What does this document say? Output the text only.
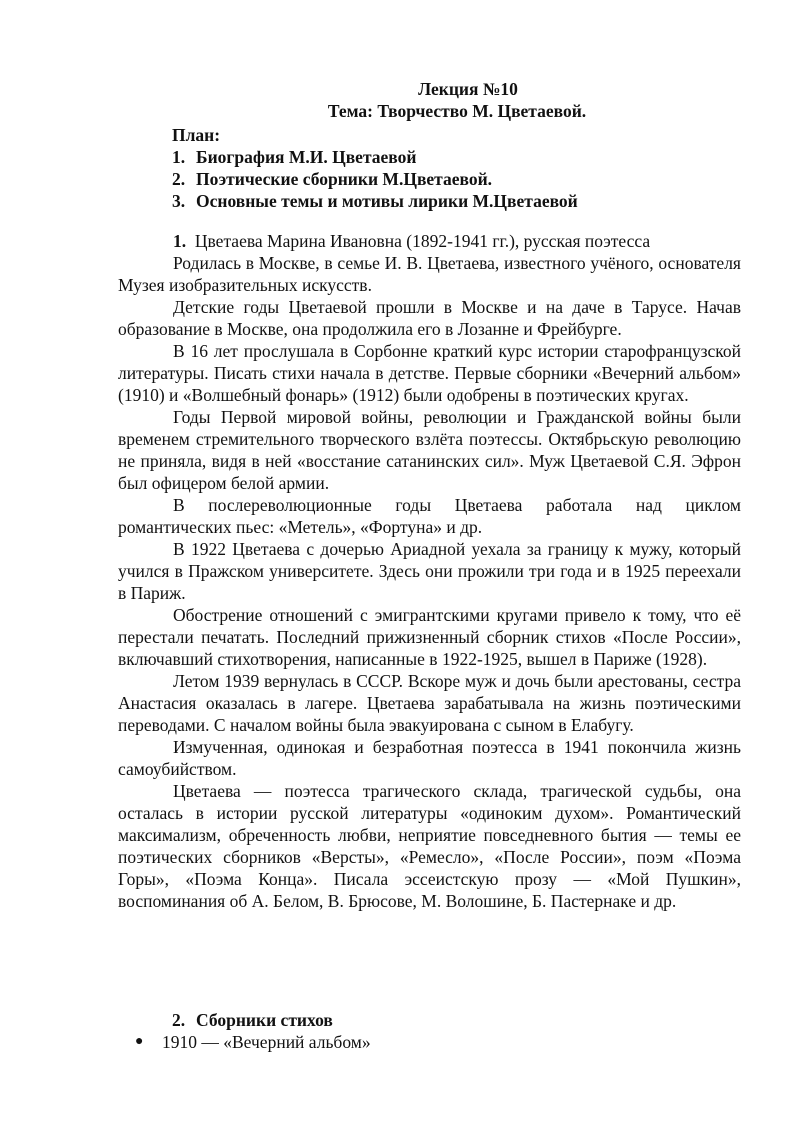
Лекция №10
Тема: Творчество М. Цветаевой.
План:
1. Биография М.И. Цветаевой
2. Поэтические сборники М.Цветаевой.
3. Основные темы и мотивы лирики М.Цветаевой

1. Цветаева Марина Ивановна (1892-1941 гг.), русская поэтесса

Родилась в Москве, в семье И. В. Цветаева, известного учёного, основателя Музея изобразительных искусств.

Детские годы Цветаевой прошли в Москве и на даче в Тарусе. Начав образование в Москве, она продолжила его в Лозанне и Фрейбурге.

В 16 лет прослушала в Сорбонне краткий курс истории старофранцузской литературы. Писать стихи начала в детстве. Первые сборники «Вечерний альбом» (1910) и «Волшебный фонарь» (1912) были одобрены в поэтических кругах.

Годы Первой мировой войны, революции и Гражданской войны были временем стремительного творческого взлёта поэтессы. Октябрьскую революцию не приняла, видя в ней «восстание сатанинских сил». Муж Цветаевой С.Я. Эфрон был офицером белой армии.

В послереволюционные годы Цветаева работала над циклом романтических пьес: «Метель», «Фортуна» и др.

В 1922 Цветаева с дочерью Ариадной уехала за границу к мужу, который учился в Пражском университете. Здесь они прожили три года и в 1925 переехали в Париж.

Обострение отношений с эмигрантскими кругами привело к тому, что её перестали печатать. Последний прижизненный сборник стихов «После России», включавший стихотворения, написанные в 1922-1925, вышел в Париже (1928).

Летом 1939 вернулась в СССР. Вскоре муж и дочь были арестованы, сестра Анастасия оказалась в лагере. Цветаева зарабатывала на жизнь поэтическими переводами. С началом войны была эвакуирована с сыном в Елабугу.

Измученная, одинокая и безработная поэтесса в 1941 покончила жизнь самоубийством.

Цветаева — поэтесса трагического склада, трагической судьбы, она осталась в истории русской литературы «одиноким духом». Романтический максимализм, обреченность любви, неприятие повседневного бытия — темы ее поэтических сборников «Версты», «Ремесло», «После России», поэм «Поэма Горы», «Поэма Конца». Писала эссеистскую прозу — «Мой Пушкин», воспоминания об А. Белом, В. Брюсове, М. Волошине, Б. Пастернаке и др.

2. Сборники стихов
●	1910 — «Вечерний альбом»
